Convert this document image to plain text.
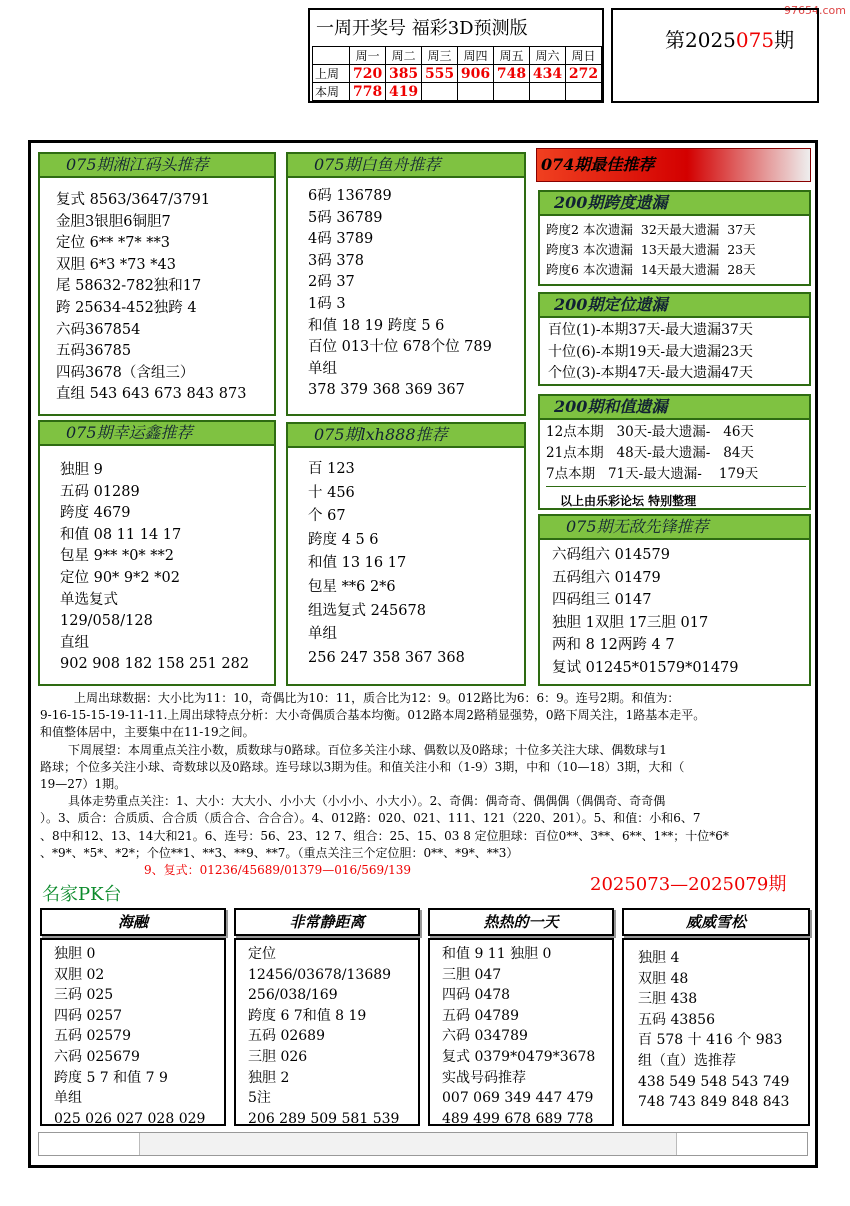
97654.com
一周开奖号 福彩3D预测版
	周一	周二	周三	周四	周五	周六	周日
上周	720	385	555	906	748	434	272
本周	778	419					
第2025075期
复式 8563/3647/3791
金胆3银胆6铜胆7
定位 6** *7* **3
双胆 6*3 *73 *43
尾 58632-782独和17
跨 25634-452独跨 4
六码367854
五码36785
四码3678（含组三）
直组 543 643 673 843 873
075期湘江码头推荐
独胆 9
五码 01289
跨度 4679
和值 08 11 14 17
包星 9** *0* **2
定位 90* 9*2 *02
单选复式
129/058/128
直组
902 908 182 158 251 282
075期幸运鑫推荐
6码 136789
5码 36789
4码 3789
3码 378
2码 37
1码 3
和值 18 19 跨度 5 6
百位 013十位 678个位 789
单组
378 379 368 369 367
075期白鱼舟推荐
百 123
十 456
个 67
跨度 4 5 6
和值 13 16 17
包星 **6 2*6
组选复式 245678
单组
256 247 358 367 368
075期lxh888推荐
074期最佳推荐
跨度2 本次遗漏  32天最大遗漏  37天
跨度3 本次遗漏  13天最大遗漏  23天
跨度6 本次遗漏  14天最大遗漏  28天
200期跨度遗漏
百位(1)-本期37天-最大遗漏37天
十位(6)-本期19天-最大遗漏23天
个位(3)-本期47天-最大遗漏47天
200期定位遗漏
12点本期   30天-最大遗漏-   46天
21点本期   48天-最大遗漏-   84天
7点本期   71天-最大遗漏-    179天
200期和值遗漏
以上由乐彩论坛 特别整理
六码组六 014579
五码组六 01479
四码组三 0147
独胆 1双胆 17三胆 017
两和 8 12两跨 4 7
复试 01245*01579*01479
075期无敌先锋推荐
上周出球数据：大小比为11：10，奇偶比为10：11，质合比为12：9。012路比为6：6：9。连号2期。和值为：
9-16-15-15-19-11-11.上周出球特点分析：大小奇偶质合基本均衡。012路本周2路稍显强势，0路下周关注，1路基本走平。
和值整体居中，主要集中在11-19之间。
下周展望：本周重点关注小数，质数球与0路球。百位多关注小球、偶数以及0路球；十位多关注大球、偶数球与1
路球；个位多关注小球、奇数球以及0路球。连号球以3期为佳。和值关注小和（1-9）3期，中和（10—18）3期，大和（
19—27）1期。
具体走势重点关注：1、大小：大大小、小小大（小小小、小大小）。2、奇偶：偶奇奇、偶偶偶（偶偶奇、奇奇偶
）。3、质合：合质质、合合质（质合合、合合合）。4、012路：020、021、111、121（220、201）。5、和值：小和6、7
、8中和12、13、14大和21。6、连号：56、23、12 7、组合：25、15、03 8 定位胆球：百位0**、3**、6**、1**；十位*6*
、*9*、*5*、*2*；个位**1、**3、**9、**7。（重点关注三个定位胆：0**、*9*、**3）
9、复式：01236/45689/01379—016/569/139
名家PK台	2025073—2025079期
海融
独胆 0
双胆 02
三码 025
四码 0257
五码 02579
六码 025679
跨度 5 7 和值 7 9
单组
025 026 027 028 029
非常静距离
定位
12456/03678/13689
256/038/169
跨度 6 7和值 8 19
五码 02689
三胆 026
独胆 2
5注
206 289 509 581 539
热热的一天
和值 9 11 独胆 0
三胆 047
四码 0478
五码 04789
六码 034789
复式 0379*0479*3678
实战号码推荐
007 069 349 447 479
489 499 678 689 778
威威雪松
独胆 4
双胆 48
三胆 438
五码 43856
百 578 十 416 个 983
组（直）选推荐
438 549 548 543 749
748 743 849 848 843
